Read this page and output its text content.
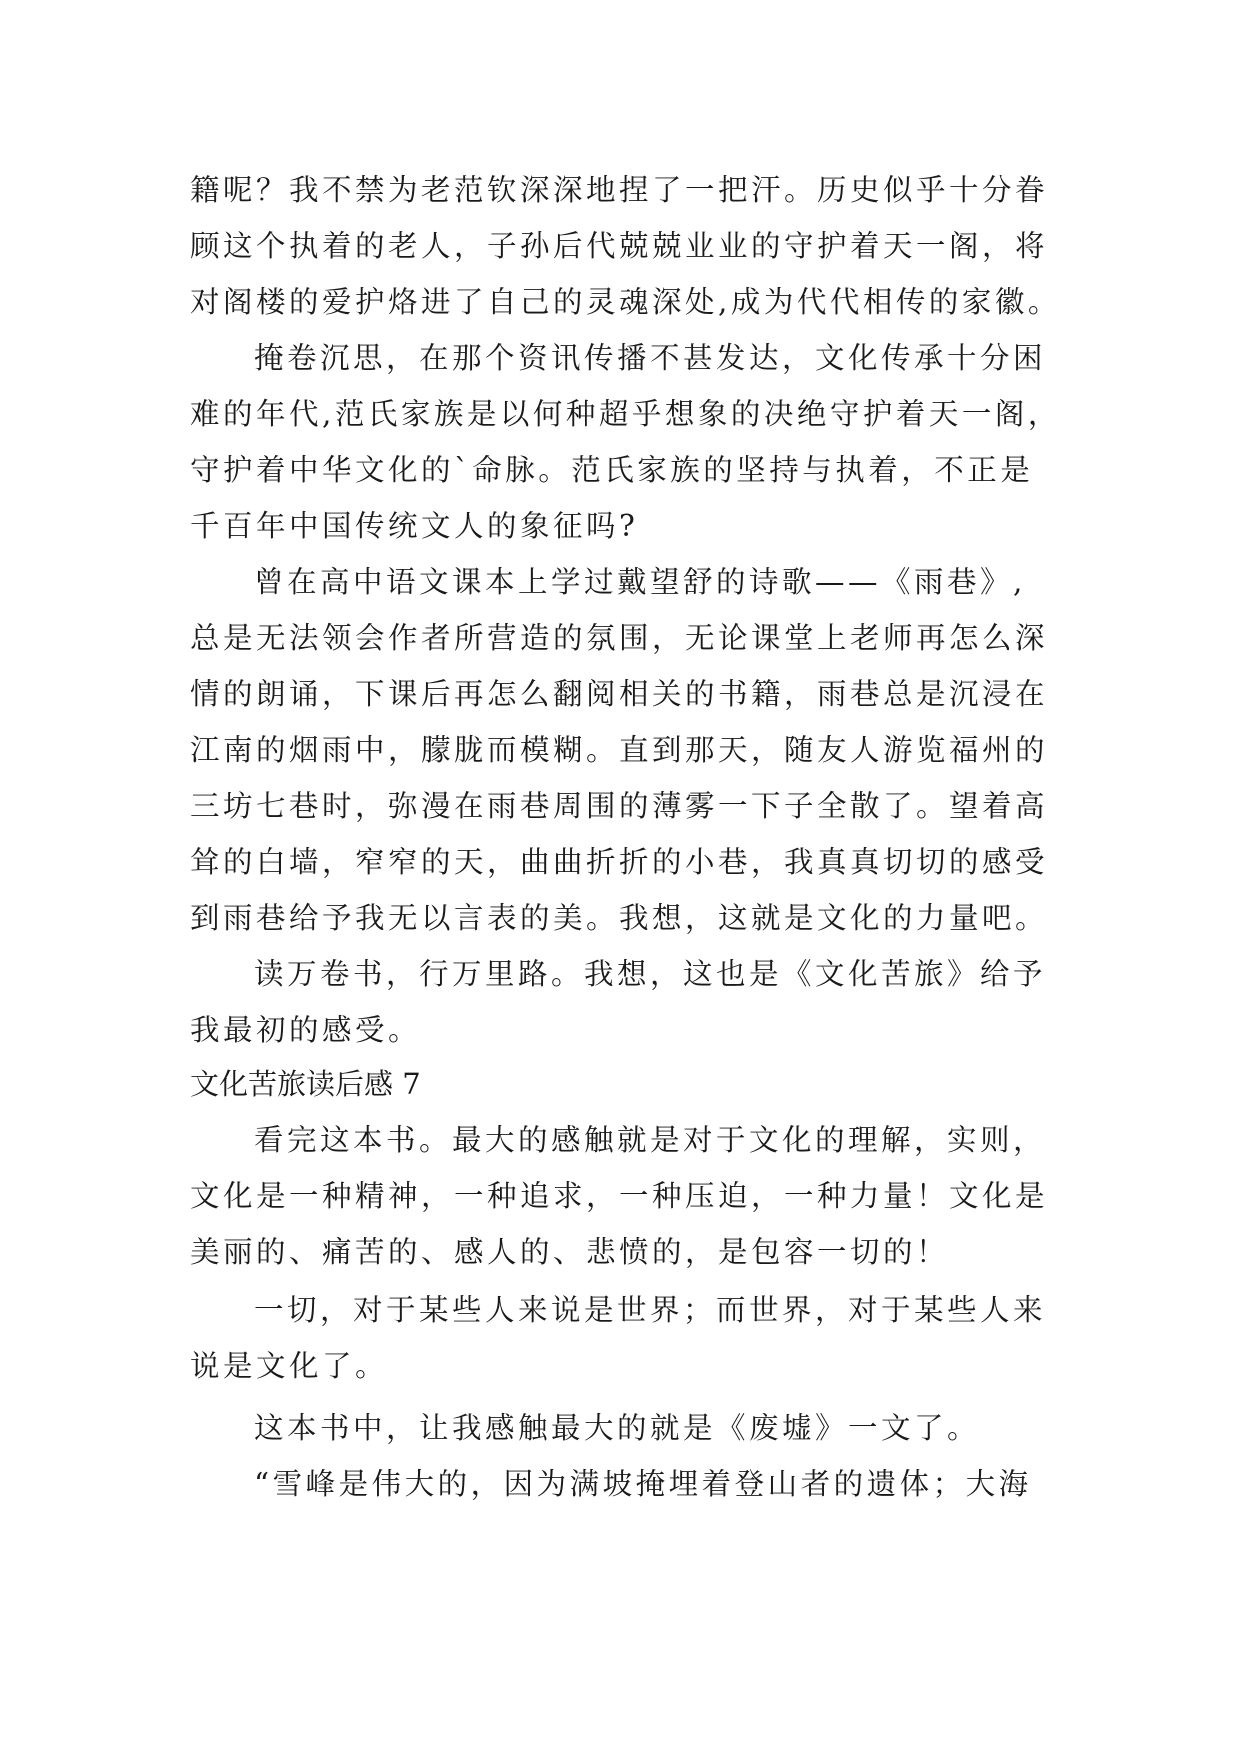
籍呢？我不禁为老范钦深深地捏了一把汗。历史似乎十分眷
顾这个执着的老人，子孙后代兢兢业业的守护着天一阁，将
对阁楼的爱护烙进了自己的灵魂深处,成为代代相传的家徽。
掩卷沉思，在那个资讯传播不甚发达，文化传承十分困
难的年代,范氏家族是以何种超乎想象的决绝守护着天一阁，
守护着中华文化的`命脉。范氏家族的坚持与执着，不正是
千百年中国传统文人的象征吗?
曾在高中语文课本上学过戴望舒的诗歌——《雨巷》,
总是无法领会作者所营造的氛围，无论课堂上老师再怎么深
情的朗诵，下课后再怎么翻阅相关的书籍，雨巷总是沉浸在
江南的烟雨中，朦胧而模糊。直到那天，随友人游览福州的
三坊七巷时，弥漫在雨巷周围的薄雾一下子全散了。望着高
耸的白墙，窄窄的天，曲曲折折的小巷，我真真切切的感受
到雨巷给予我无以言表的美。我想，这就是文化的力量吧。
读万卷书，行万里路。我想，这也是《文化苦旅》给予
我最初的感受。
文化苦旅读后感 7
看完这本书。最大的感触就是对于文化的理解，实则，
文化是一种精神，一种追求，一种压迫，一种力量！文化是
美丽的、痛苦的、感人的、悲愤的，是包容一切的！
一切，对于某些人来说是世界；而世界，对于某些人来
说是文化了。
这本书中，让我感触最大的就是《废墟》一文了。
“雪峰是伟大的，因为满坡掩埋着登山者的遗体；大海
